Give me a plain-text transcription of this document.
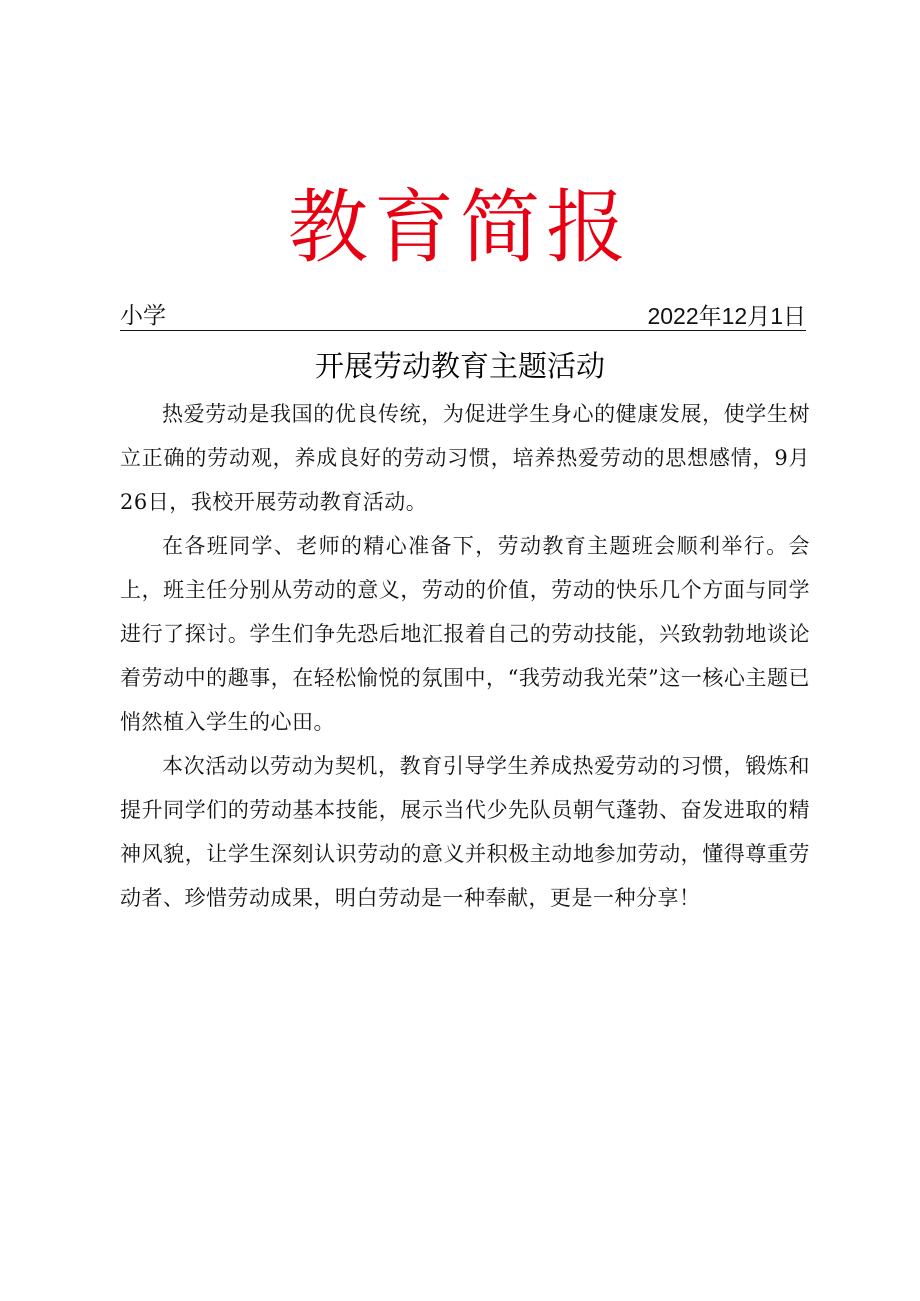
教育简报
小学	2022年12月1日
开展劳动教育主题活动

热爱劳动是我国的优良传统，为促进学生身心的健康发展，使学生树立正确的劳动观，养成良好的劳动习惯，培养热爱劳动的思想感情，9月26日，我校开展劳动教育活动。

在各班同学、老师的精心准备下，劳动教育主题班会顺利举行。会上，班主任分别从劳动的意义，劳动的价值，劳动的快乐几个方面与同学进行了探讨。学生们争先恐后地汇报着自己的劳动技能，兴致勃勃地谈论着劳动中的趣事，在轻松愉悦的氛围中，“我劳动我光荣”这一核心主题已悄然植入学生的心田。

本次活动以劳动为契机，教育引导学生养成热爱劳动的习惯，锻炼和提升同学们的劳动基本技能，展示当代少先队员朝气蓬勃、奋发进取的精神风貌，让学生深刻认识劳动的意义并积极主动地参加劳动，懂得尊重劳动者、珍惜劳动成果，明白劳动是一种奉献，更是一种分享！
